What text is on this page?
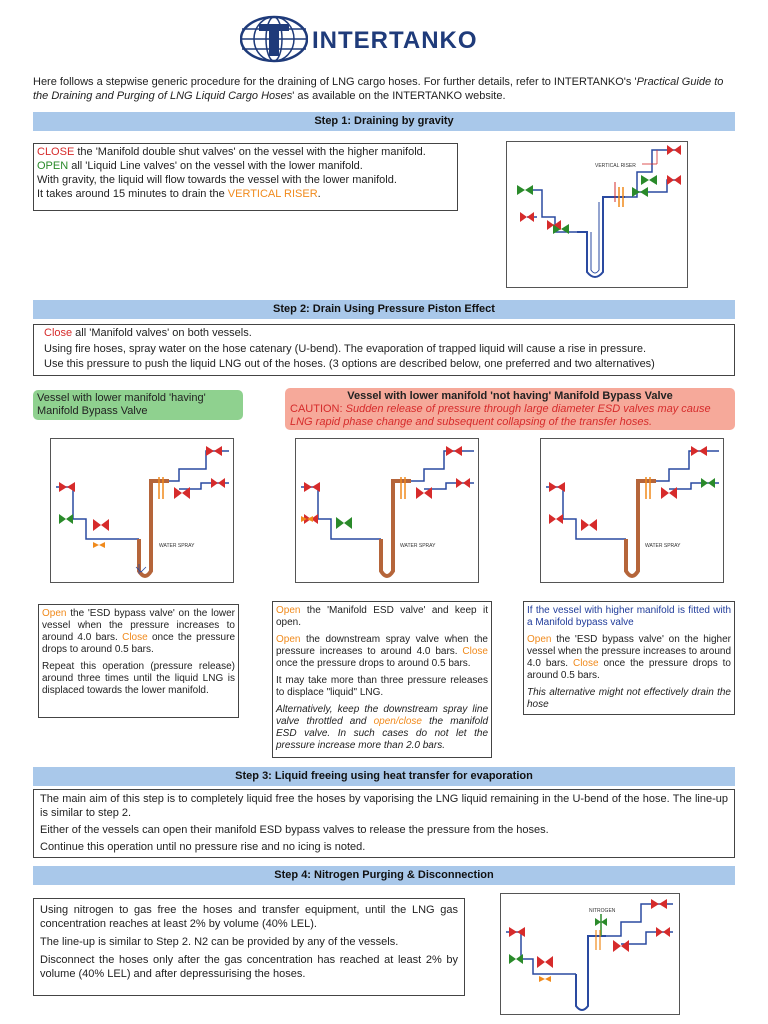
INTERTANKO
Here follows a stepwise generic procedure for the draining of LNG cargo hoses. For further details, refer to INTERTANKO's 'Practical Guide to the Draining and Purging of LNG Liquid Cargo Hoses' as available on the INTERTANKO website.
Step 1: Draining by gravity

CLOSE the 'Manifold double shut valves' on the vessel with the higher manifold.

OPEN all 'Liquid Line valves' on the vessel with the lower manifold.

With gravity, the liquid will flow towards the vessel with the lower manifold.

It takes around 15 minutes to drain the VERTICAL RISER.

VERTICAL RISER
Step 2: Drain Using Pressure Piston Effect

Close all 'Manifold valves' on both vessels.

Using fire hoses, spray water on the hose catenary (U-bend). The evaporation of trapped liquid will cause a rise in pressure.

Use this pressure to push the liquid LNG out of the hoses. (3 options are described below, one preferred and two alternatives)

Vessel with lower manifold 'having' Manifold Bypass Valve
Vessel with lower manifold 'not having' Manifold Bypass Valve
CAUTION: Sudden release of pressure through large diameter ESD valves may cause LNG rapid phase change and subsequent collapsing of the transfer hoses.
WATER SPRAY	WATER SPRAY	WATER SPRAY

Open the 'ESD bypass valve' on the lower vessel when the pressure increases to around 4.0 bars. Close once the pressure drops to around 0.5 bars.

Repeat this operation (pressure release) around three times until the liquid LNG is displaced towards the lower manifold.

Open the 'Manifold ESD valve' and keep it open.

Open the downstream spray valve when the pressure increases to around 4.0 bars. Close once the pressure drops to around 0.5 bars.

It may take more than three pressure releases to displace "liquid" LNG.

Alternatively, keep the downstream spray line valve throttled and open/close the manifold ESD valve. In such cases do not let the pressure increase more than 2.0 bars.

If the vessel with higher manifold is fitted with a Manifold bypass valve

Open the 'ESD bypass valve' on the higher vessel when the pressure increases to around 4.0 bars. Close once the pressure drops to around 0.5 bars.

This alternative might not effectively drain the hose

Step 3: Liquid freeing using heat transfer for evaporation

The main aim of this step is to completely liquid free the hoses by vaporising the LNG liquid remaining in the U-bend of the hose. The line-up is similar to step 2.

Either of the vessels can open their manifold ESD bypass valves to release the pressure from the hoses.

Continue this operation until no pressure rise and no icing is noted.

Step 4: Nitrogen Purging & Disconnection

Using nitrogen to gas free the hoses and transfer equipment, until the LNG gas concentration reaches at least 2% by volume (40% LEL).

The line-up is similar to Step 2. N2 can be provided by any of the vessels.

Disconnect the hoses only after the gas concentration has reached at least 2% by volume (40% LEL) and after depressurising the hoses.

NITROGEN
